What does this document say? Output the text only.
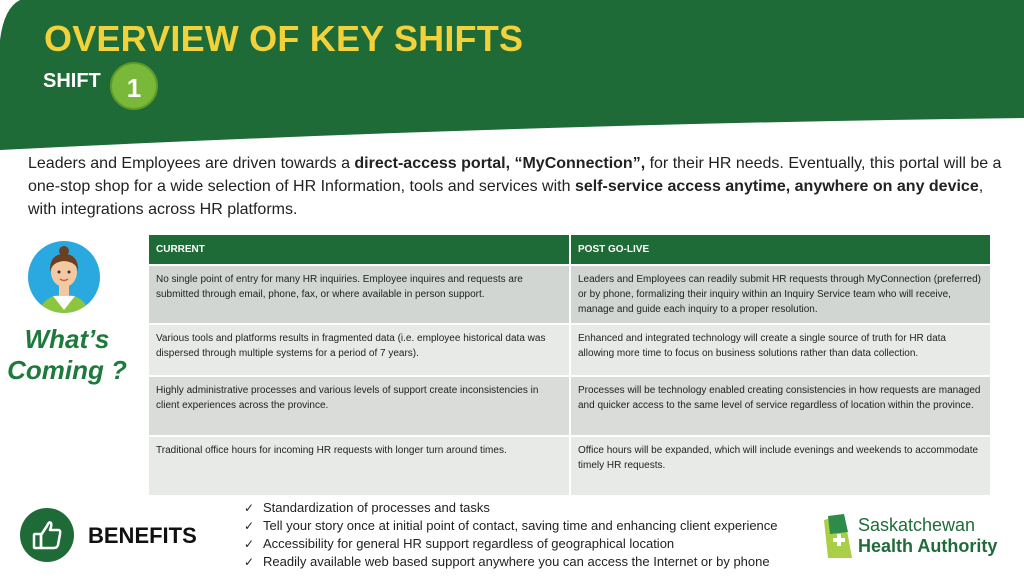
OVERVIEW OF KEY SHIFTS
SHIFT 1
Leaders and Employees are driven towards a direct-access portal, “MyConnection”, for their HR needs. Eventually, this portal will be a one-stop shop for a wide selection of HR Information, tools and services with self-service access anytime, anywhere on any device, with integrations across HR platforms.
What’s
Coming ?
CURRENT	POST GO-LIVE
No single point of entry for many HR inquiries. Employee inquires and requests are submitted through email, phone, fax, or where available in person support.	Leaders and Employees can readily submit HR requests through MyConnection (preferred) or by phone, formalizing their inquiry within an Inquiry Service team who will receive, manage and guide each inquiry to a proper resolution.
Various tools and platforms results in fragmented data (i.e. employee historical data was dispersed through multiple systems for a period of 7 years).	Enhanced and integrated technology will create a single source of truth for HR data allowing more time to focus on business solutions rather than data collection.
Highly administrative processes and various levels of support create inconsistencies in client experiences across the province.	Processes will be technology enabled creating consistencies in how requests are managed and quicker access to the same level of service regardless of location within the province.
Traditional office hours for incoming HR requests with longer turn around times.	Office hours will be expanded, which will include evenings and weekends to accommodate timely HR requests.
BENEFITS
✓ Standardization of processes and tasks
✓ Tell your story once at initial point of contact, saving time and enhancing client experience
✓ Accessibility for general HR support regardless of geographical location
✓ Readily available web based support anywhere you can access the Internet or by phone
Saskatchewan
Health Authority
